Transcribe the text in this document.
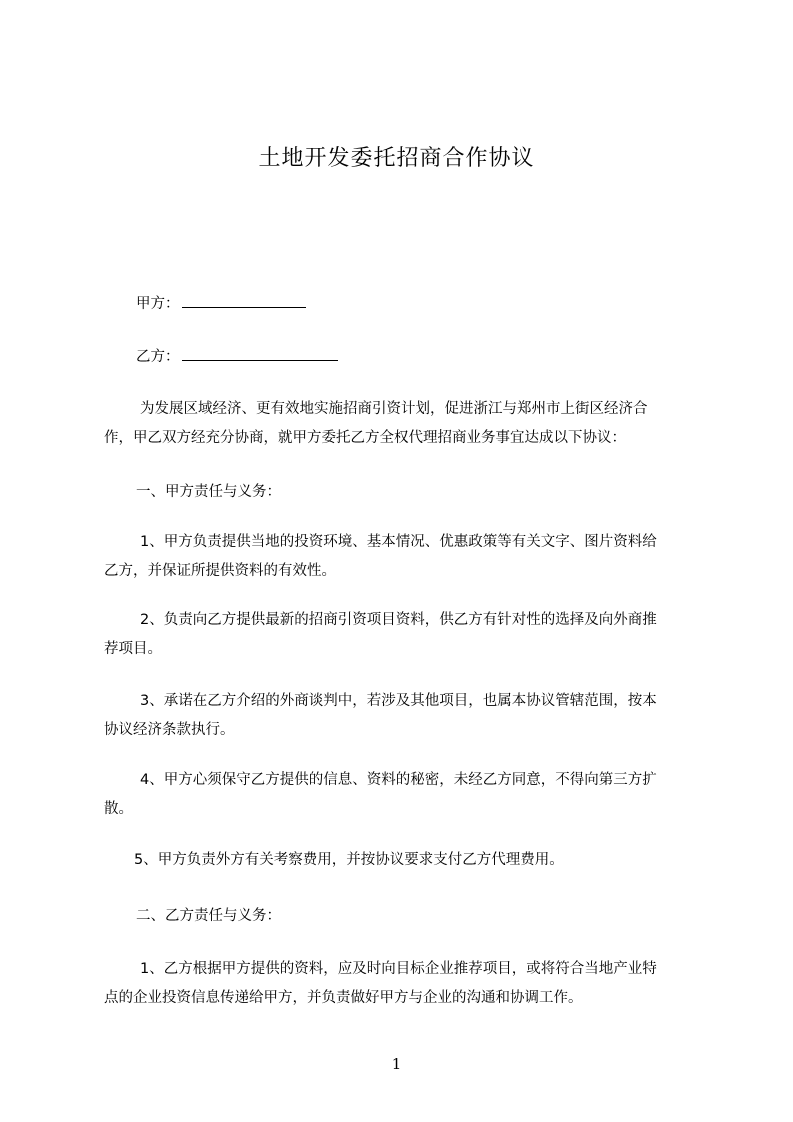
土地开发委托招商合作协议
甲方：
乙方：
为发展区域经济、更有效地实施招商引资计划，促进浙江与郑州市上街区经济合
作，甲乙双方经充分协商，就甲方委托乙方全权代理招商业务事宜达成以下协议：
一、甲方责任与义务：
1、甲方负责提供当地的投资环境、基本情况、优惠政策等有关文字、图片资料给
乙方，并保证所提供资料的有效性。
2、负责向乙方提供最新的招商引资项目资料，供乙方有针对性的选择及向外商推
荐项目。
3、承诺在乙方介绍的外商谈判中，若涉及其他项目，也属本协议管辖范围，按本
协议经济条款执行。
4、甲方心须保守乙方提供的信息、资料的秘密，未经乙方同意，不得向第三方扩
散。
5、甲方负责外方有关考察费用，并按协议要求支付乙方代理费用。
二、乙方责任与义务：
1、乙方根据甲方提供的资料，应及时向目标企业推荐项目，或将符合当地产业特
点的企业投资信息传递给甲方，并负责做好甲方与企业的沟通和协调工作。
1
